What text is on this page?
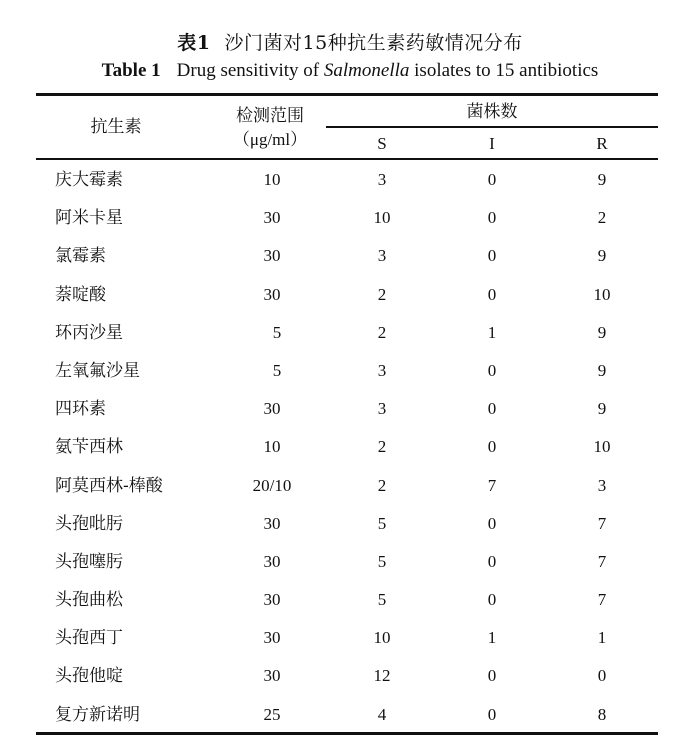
表1 沙门菌对15种抗生素药敏情况分布
Table 1 Drug sensitivity of Salmonella isolates to 15 antibiotics
抗生素
检测范围
（μg/ml）
菌株数
S	I	R
庆大霉素	10	3	0	9
阿米卡星	30	10	0	2
氯霉素	30	3	0	9
萘啶酸	30	2	0	10
环丙沙星	5	2	1	9
左氧氟沙星	5	3	0	9
四环素	30	3	0	9
氨苄西林	10	2	0	10
阿莫西林-棒酸	20/10	2	7	3
头孢吡肟	30	5	0	7
头孢噻肟	30	5	0	7
头孢曲松	30	5	0	7
头孢西丁	30	10	1	1
头孢他啶	30	12	0	0
复方新诺明	25	4	0	8
